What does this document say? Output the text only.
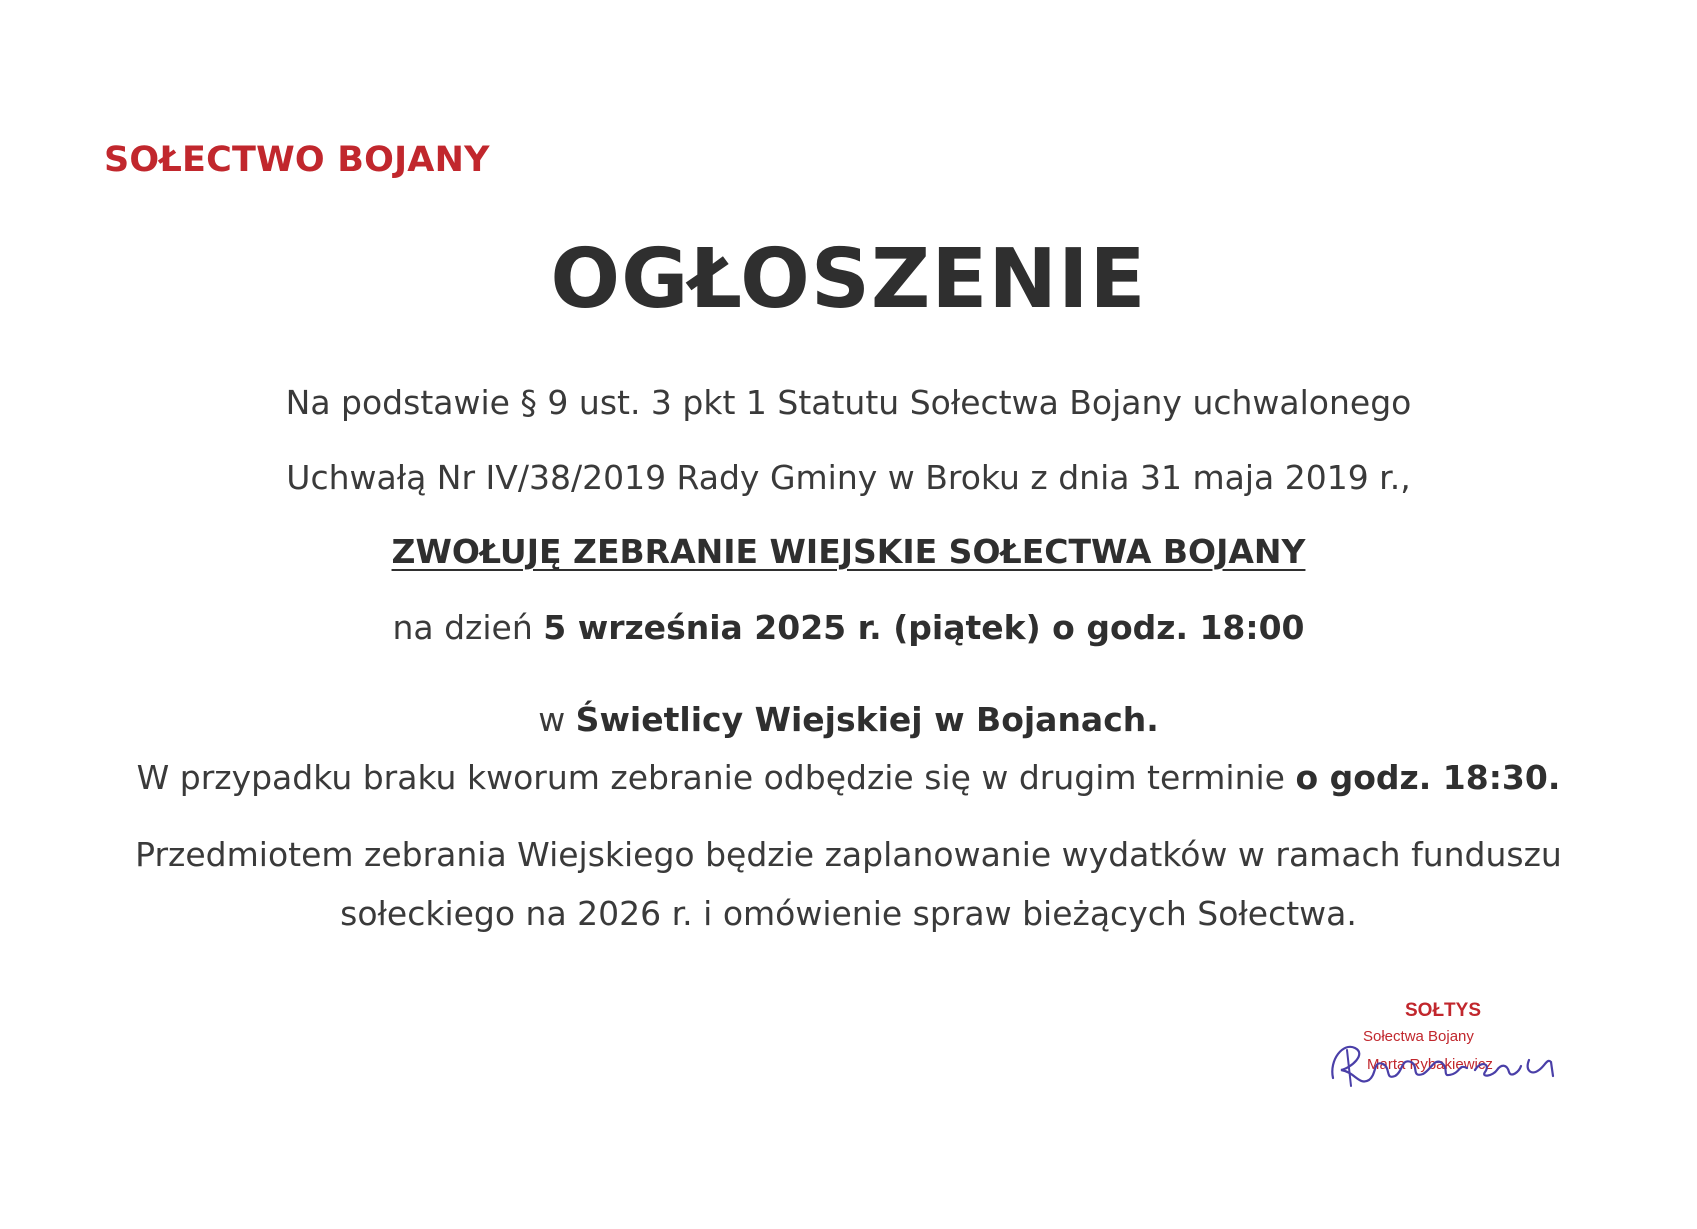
SOŁECTWO BOJANY
OGŁOSZENIE
Na podstawie § 9 ust. 3 pkt 1 Statutu Sołectwa Bojany uchwalonego
Uchwałą Nr IV/38/2019 Rady Gminy w Broku z dnia 31 maja 2019 r.,
ZWOŁUJĘ ZEBRANIE WIEJSKIE SOŁECTWA BOJANY
na dzień 5 września 2025 r. (piątek) o godz. 18:00
w Świetlicy Wiejskiej w Bojanach.
W przypadku braku kworum zebranie odbędzie się w drugim terminie o godz. 18:30.
Przedmiotem zebrania Wiejskiego będzie zaplanowanie wydatków w ramach funduszu
sołeckiego na 2026 r. i omówienie spraw bieżących Sołectwa.
SOŁTYS
Sołectwa Bojany
Marta Rybakiewicz
